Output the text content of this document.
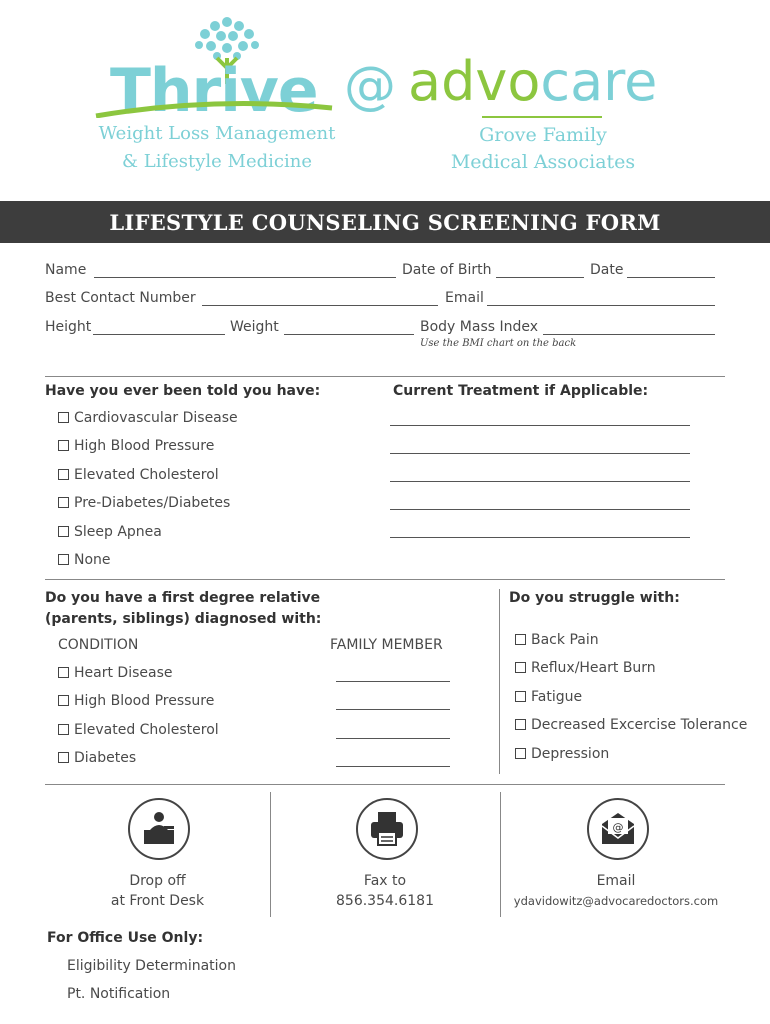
Thrive
Weight Loss Management
& Lifestyle Medicine
@ advocare
Grove Family
Medical Associates
LIFESTYLE COUNSELING SCREENING FORM
Name	Date of Birth	Date
Best Contact Number	Email
Height	Weight	Body Mass Index
Use the BMI chart on the back
Have you ever been told you have:	Current Treatment if Applicable:
Cardiovascular Disease
High Blood Pressure
Elevated Cholesterol
Pre-Diabetes/Diabetes
Sleep Apnea
None
Do you have a first degree relative
(parents, siblings) diagnosed with:
CONDITION	FAMILY MEMBER
Heart Disease
High Blood Pressure
Elevated Cholesterol
Diabetes
Do you struggle with:
Back Pain
Reflux/Heart Burn
Fatigue
Decreased Excercise Tolerance
Depression
@
Drop off
at Front Desk
Fax to
856.354.6181
Email
ydavidowitz@advocaredoctors.com
For Office Use Only:
Eligibility Determination
Pt. Notification
